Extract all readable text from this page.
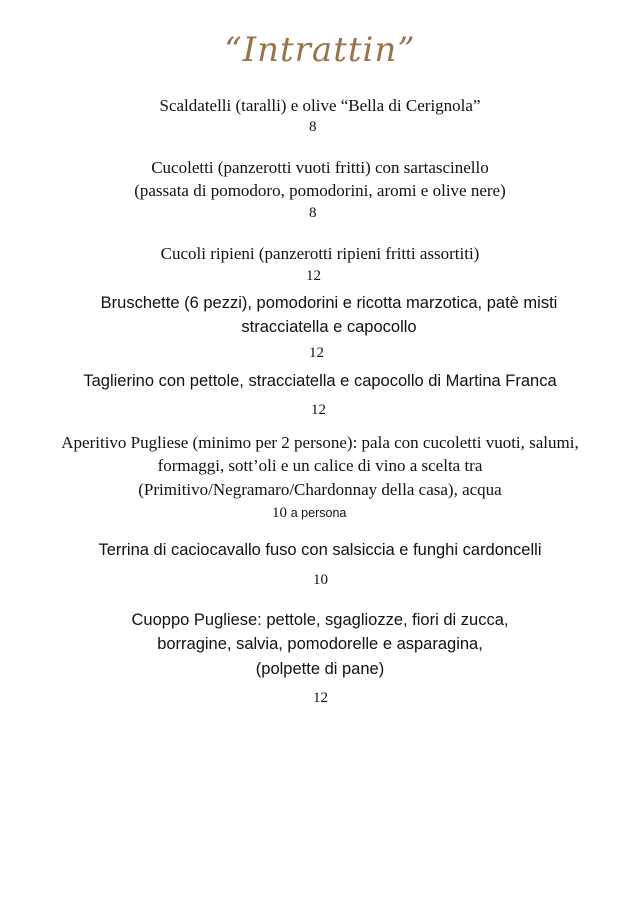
“Intrattin”
Scaldatelli (taralli) e olive “Bella di Cerignola”
8
Cucoletti (panzerotti vuoti fritti) con sartascinello
(passata di pomodoro, pomodorini, aromi e olive nere)
8
Cucoli ripieni (panzerotti ripieni fritti assortiti)
12
Bruschette (6 pezzi), pomodorini e ricotta marzotica, patè misti
stracciatella e capocollo
12
Taglierino con pettole, stracciatella e capocollo di Martina Franca
12
Aperitivo Pugliese (minimo per 2 persone): pala con cucoletti vuoti, salumi,
formaggi, sott’oli e un calice di vino a scelta tra
(Primitivo/Negramaro/Chardonnay della casa), acqua
10 a persona
Terrina di caciocavallo fuso con salsiccia e funghi cardoncelli
10
Cuoppo Pugliese: pettole, sgagliozze, fiori di zucca,
borragine, salvia, pomodorelle e asparagina,
(polpette di pane)
12
